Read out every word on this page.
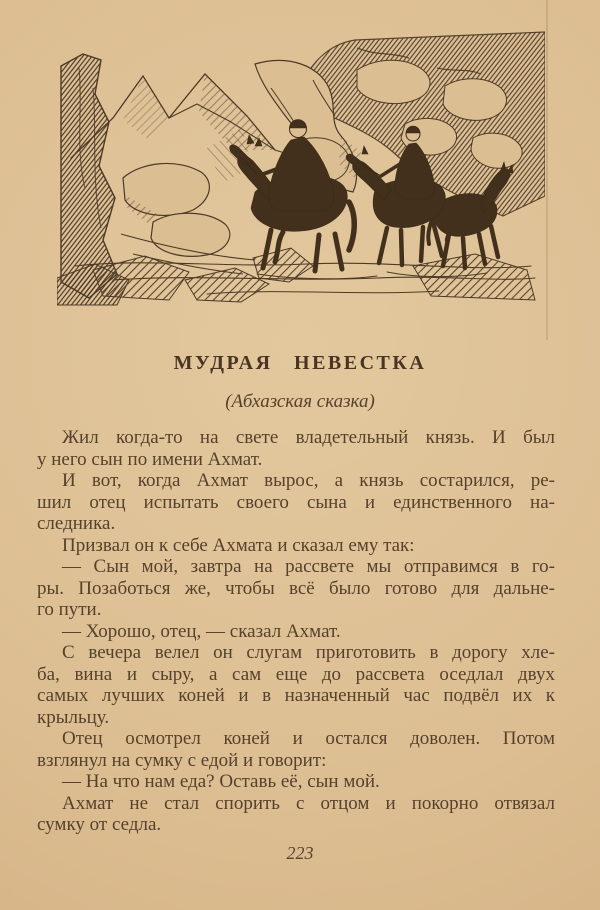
МУДРАЯ НЕВЕСТКА
(Абхазская сказка)
Жил когда-то на свете владетельный князь. И был
у него сын по имени Ахмат.
И вот, когда Ахмат вырос, а князь состарился, ре-
шил отец испытать своего сына и единственного на-
следника.
Призвал он к себе Ахмата и сказал ему так:
— Сын мой, завтра на рассвете мы отправимся в го-
ры. Позаботься же, чтобы всё было готово для дальне-
го пути.
— Хорошо, отец, — сказал Ахмат.
С вечера велел он слугам приготовить в дорогу хле-
ба, вина и сыру, а сам еще до рассвета оседлал двух
самых лучших коней и в назначенный час подвёл их к
крыльцу.
Отец осмотрел коней и остался доволен. Потом
взглянул на сумку с едой и говорит:
— На что нам еда? Оставь её, сын мой.
Ахмат не стал спорить с отцом и покорно отвязал
сумку от седла.
223
